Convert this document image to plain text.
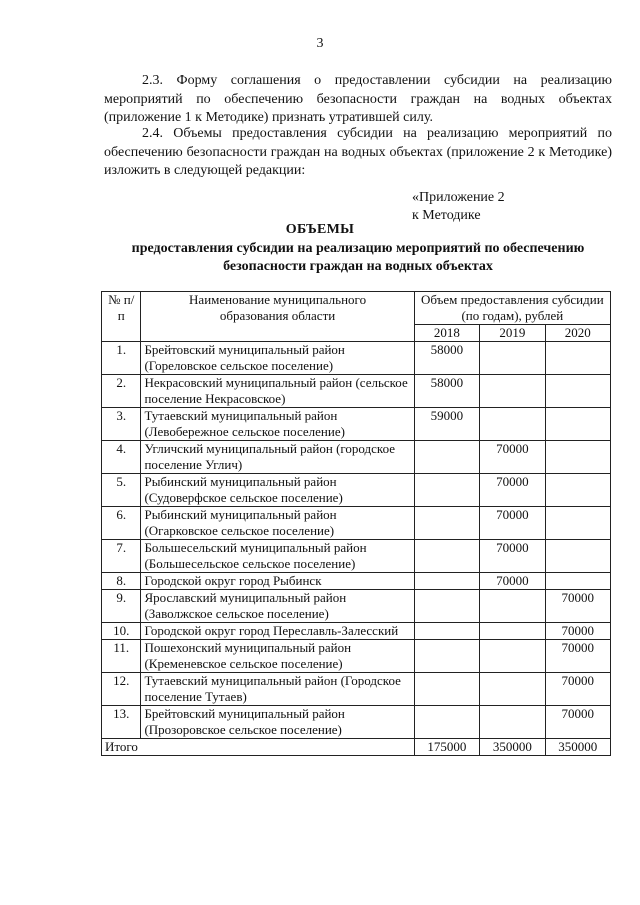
3

2.3. Форму соглашения о предоставлении субсидии на реализацию мероприятий по обеспечению безопасности граждан на водных объектах (приложение 1 к Методике) признать утратившей силу.

2.4. Объемы предоставления субсидии на реализацию мероприятий по обеспечению безопасности граждан на водных объектах (приложение 2 к Методике) изложить в следующей редакции:

«Приложение 2
к Методике
ОБЪЕМЫ
предоставления субсидии на реализацию мероприятий по обеспечению безопасности граждан на водных объектах
№ п/п	Наименование муниципального образования области	Объем предоставления субсидии (по годам), рублей		
		2018	2019	2020
1.	Брейтовский муниципальный район (Гореловское сельское поселение)	58000		
2.	Некрасовский муниципальный район (сельское поселение Некрасовское)	58000		
3.	Тутаевский муниципальный район (Левобережное сельское поселение)	59000		
4.	Угличский муниципальный район (городское поселение Углич)		70000	
5.	Рыбинский муниципальный район (Судоверфское сельское поселение)		70000	
6.	Рыбинский муниципальный район (Огарковское сельское поселение)		70000	
7.	Большесельский муниципальный район (Большесельское сельское поселение)		70000	
8.	Городской округ город Рыбинск		70000	
9.	Ярославский муниципальный район (Заволжское сельское поселение)			70000
10.	Городской округ город Переславль-Залесский			70000
11.	Пошехонский муниципальный район (Кременевское сельское поселение)			70000
12.	Тутаевский муниципальный район (Городское поселение Тутаев)			70000
13.	Брейтовский муниципальный район (Прозоровское сельское поселение)			70000
Итого		175000	350000	350000
